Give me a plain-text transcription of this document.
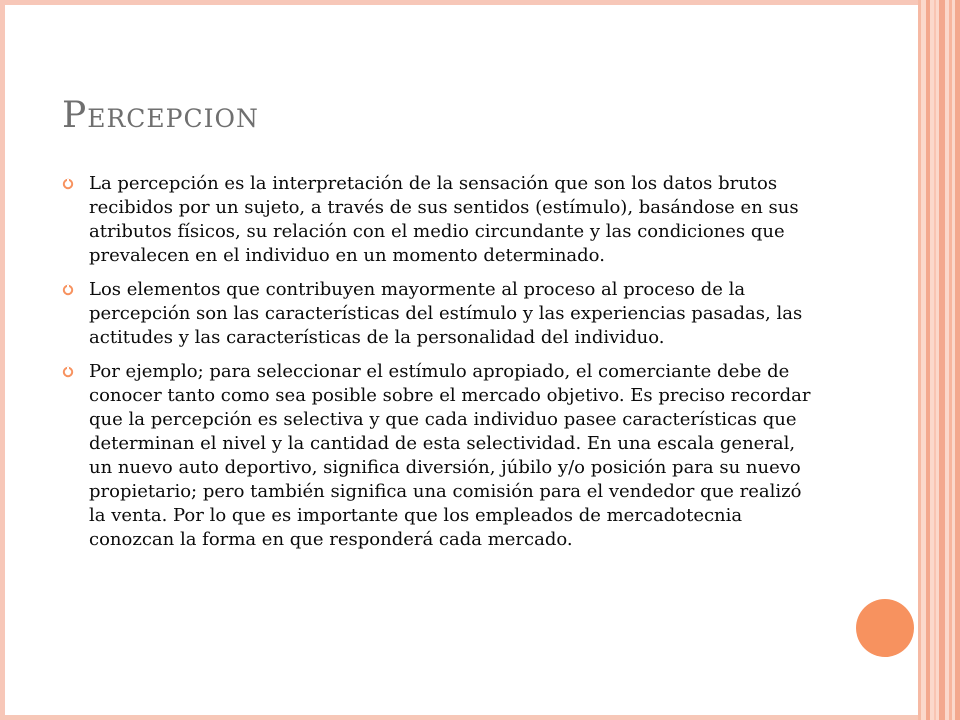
Percepcion
La percepción es la interpretación de la sensación que son los datos brutos recibidos por un sujeto, a través de sus sentidos (estímulo), basándose en sus atributos físicos, su relación con el medio circundante y las condiciones que prevalecen en el individuo en un momento determinado.
Los elementos que contribuyen mayormente al proceso al proceso de la percepción son las características del estímulo y las experiencias pasadas, las actitudes y las características de la personalidad del individuo.
Por ejemplo; para seleccionar el estímulo apropiado, el comerciante debe de conocer tanto como sea posible sobre el mercado objetivo. Es preciso recordar que la percepción es selectiva y que cada individuo pasee características que determinan el nivel y la cantidad de esta selectividad. En una escala general, un nuevo auto deportivo, significa diversión, júbilo y/o posición para su nuevo propietario; pero también significa una comisión para el vendedor que realizó la venta. Por lo que es importante que los empleados de mercadotecnia conozcan la forma en que responderá cada mercado.
